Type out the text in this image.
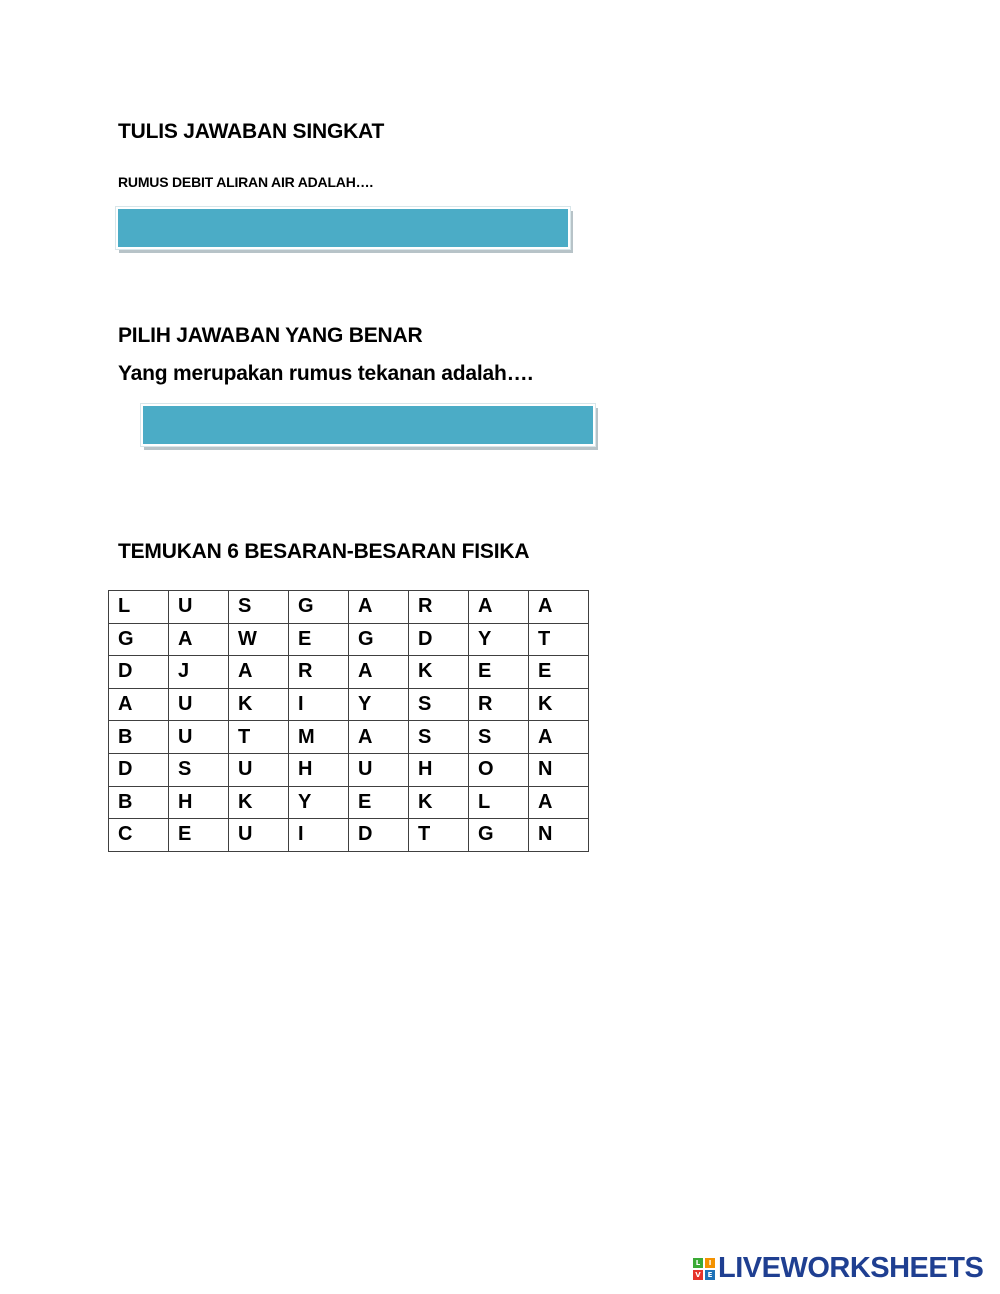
TULIS JAWABAN SINGKAT
RUMUS DEBIT ALIRAN AIR ADALAH….
PILIH JAWABAN YANG BENAR
Yang merupakan rumus tekanan adalah….
TEMUKAN 6 BESARAN-BESARAN FISIKA
L	U	S	G	A	R	A	A
G	A	W	E	G	D	Y	T
D	J	A	R	A	K	E	E
A	U	K	I	Y	S	R	K
B	U	T	M	A	S	S	A
D	S	U	H	U	H	O	N
B	H	K	Y	E	K	L	A
C	E	U	I	D	T	G	N
L	I
V E LIVEWORKSHEETS
